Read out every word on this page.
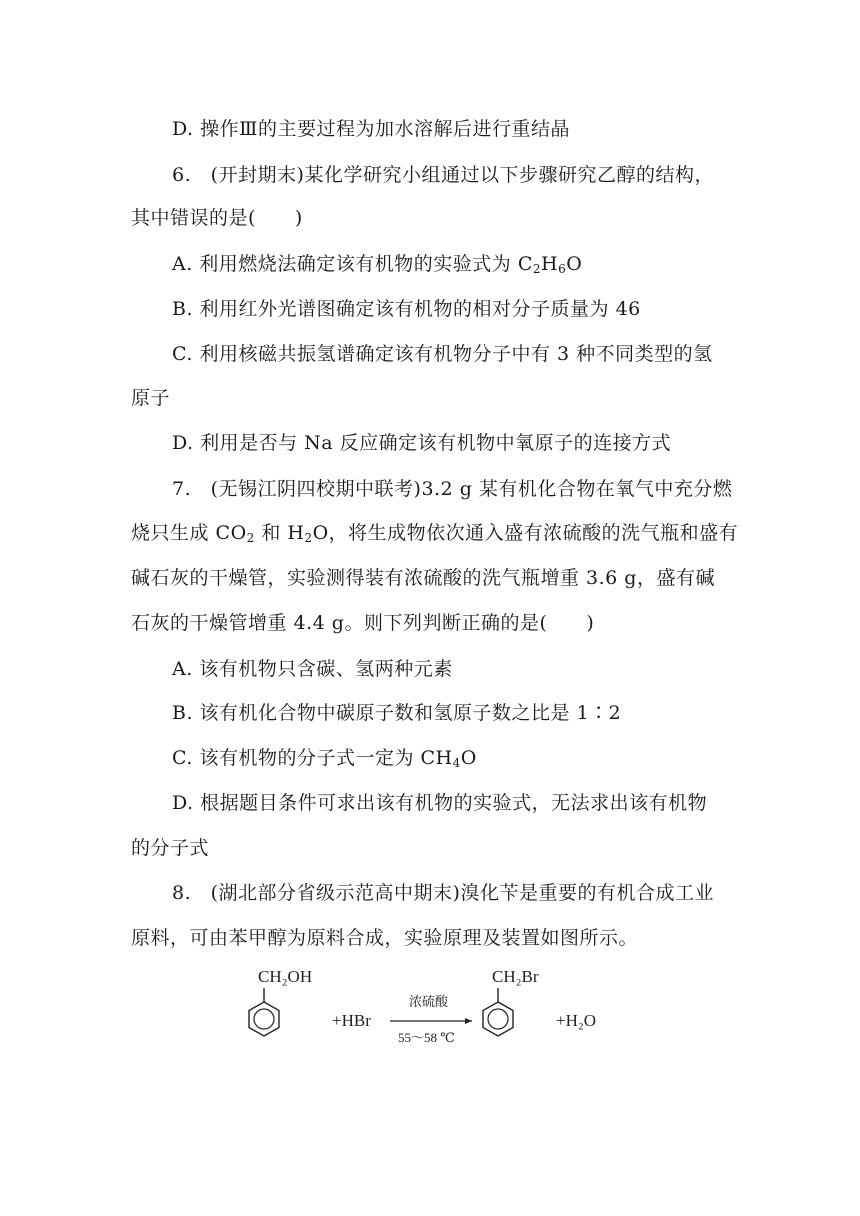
D. 操作Ⅲ的主要过程为加水溶解后进行重结晶
6.　(开封期末)某化学研究小组通过以下步骤研究乙醇的结构，
其中错误的是(　　)
A. 利用燃烧法确定该有机物的实验式为 $C_2H_6O$
B. 利用红外光谱图确定该有机物的相对分子质量为 46
C. 利用核磁共振氢谱确定该有机物分子中有 3 种不同类型的氢
原子
D. 利用是否与 Na 反应确定该有机物中氧原子的连接方式
7.　(无锡江阴四校期中联考)3.2 g 某有机化合物在氧气中充分燃
烧只生成 $CO_2$ 和 $H_2O$，将生成物依次通入盛有浓硫酸的洗气瓶和盛有
碱石灰的干燥管，实验测得装有浓硫酸的洗气瓶增重 3.6 g，盛有碱
石灰的干燥管增重 4.4 g。则下列判断正确的是(　　)
A. 该有机物只含碳、氢两种元素
B. 该有机化合物中碳原子数和氢原子数之比是 1∶2
C. 该有机物的分子式一定为 $CH_4O$
D. 根据题目条件可求出该有机物的实验式，无法求出该有机物
的分子式
8.　(湖北部分省级示范高中期末)溴化苄是重要的有机合成工业
原料，可由苯甲醇为原料合成，实验原理及装置如图所示。
CH₂OH
+HBr
浓硫酸
55～58 ℃
CH₂Br
+H₂O
